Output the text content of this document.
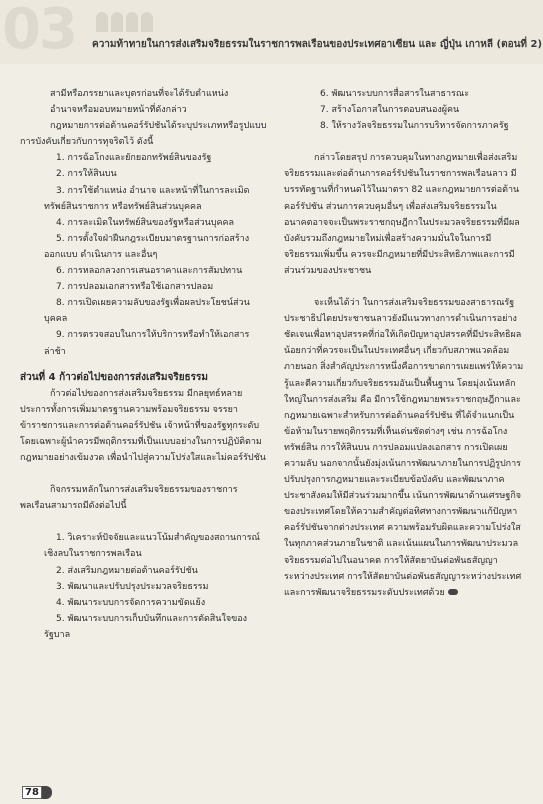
03 ความท้าทายในการส่งเสริมจริยธรรมในราชการพลเรือนของประเทศอาเซียน และ ญี่ปุ่น เกาหลี (ตอนที่ 2)

สามีหรือภรรยาและบุตรก่อนที่จะได้รับตำแหน่ง

อำนาจหรือมอบหมายหน้าที่ดังกล่าว

กฎหมายการต่อต้านคอร์รัปชันได้ระบุประเภทหรือรูปแบบการบังคับเกี่ยวกับการทุจริตไว้ ดังนี้

1. การฉ้อโกงและยักยอกทรัพย์สินของรัฐ

2. การให้สินบน

3. การใช้ตำแหน่ง อำนาจ และหน้าที่ในการละเมิดทรัพย์สินราชการ หรือทรัพย์สินส่วนบุคคล

4. การละเมิดในทรัพย์สินของรัฐหรือส่วนบุคคล

5. การตั้งใจฝ่าฝืนกฎระเบียบมาตรฐานการก่อสร้าง ออกแบบ ดำเนินการ และอื่นๆ

6. การหลอกลวงการเสนอราคาและการสัมปทาน

7. การปลอมเอกสารหรือใช้เอกสารปลอม

8. การเปิดเผยความลับของรัฐเพื่อผลประโยชน์ส่วนบุคคล

9. การตรวจสอบในการให้บริการหรือทำให้เอกสารล่าช้า

ส่วนที่ 4 ก้าวต่อไปของการส่งเสริมจริยธรรม

ก้าวต่อไปของการส่งเสริมจริยธรรม มีกลยุทธ์หลายประการทั้งการเพิ่มมาตรฐานความพร้อมจริยธรรม จรรยาข้าราชการและการต่อต้านคอร์รัปชัน เจ้าหน้าที่ของรัฐทุกระดับ โดยเฉพาะผู้นำควรมีพฤติกรรมที่เป็นแบบอย่างในการปฏิบัติตามกฎหมายอย่างเข้มงวด เพื่อนำไปสู่ความโปร่งใสและไม่คอร์รัปชัน

กิจกรรมหลักในการส่งเสริมจริยธรรมของราชการพลเรือนสามารถมีดังต่อไปนี้

1. วิเคราะห์ปัจจัยและแนวโน้มสำคัญของสถานการณ์เชิงลบในราชการพลเรือน

2. ส่งเสริมกฎหมายต่อต้านคอร์รัปชัน

3. พัฒนาและปรับปรุงประมวลจริยธรรม

4. พัฒนาระบบการจัดการความขัดแย้ง

5. พัฒนาระบบการเก็บบันทึกและการตัดสินใจของรัฐบาล

6. พัฒนาระบบการสื่อสารในสาธารณะ

7. สร้างโอกาสในการตอบสนองผู้คน

8. ให้รางวัลจริยธรรมในการบริหารจัดการภาครัฐ

กล่าวโดยสรุป การควบคุมในทางกฎหมายเพื่อส่งเสริมจริยธรรมและต่อต้านการคอร์รัปชันในราชการพลเรือนลาว มีบรรทัดฐานที่กำหนดไว้ในมาตรา 82 และกฎหมายการต่อต้านคอร์รัปชัน ส่วนการควบคุมอื่นๆ เพื่อส่งเสริมจริยธรรมในอนาคตอาจจะเป็นพระราชกฤษฎีกาในประมวลจริยธรรมที่มีผลบังคับรวมถึงกฎหมายใหม่เพื่อสร้างความมั่นใจในการมีจริยธรรมเพิ่มขึ้น ควรจะมีกฎหมายที่มีประสิทธิภาพและการมีส่วนร่วมของประชาชน

จะเห็นได้ว่า ในการส่งเสริมจริยธรรมของสาธารณรัฐประชาธิปไตยประชาชนลาวยังมีแนวทางการดำเนินการอย่างชัดเจนเพื่อหาอุปสรรคที่ก่อให้เกิดปัญหาอุปสรรคที่มีประสิทธิผลน้อยกว่าที่ควรจะเป็นในประเทศอื่นๆ เกี่ยวกับสภาพแวดล้อมภายนอก สิ่งสำคัญประการหนึ่งคือการขาดการเผยแพร่ให้ความรู้และตีความเกี่ยวกับจริยธรรมอันเป็นพื้นฐาน โดยมุ่งเน้นหลักใหญ่ในการส่งเสริม คือ มีการใช้กฎหมายพระราชกฤษฎีกาและกฎหมายเฉพาะสำหรับการต่อต้านคอร์รัปชัน ที่ได้จำแนกเป็นข้อห้ามในรายพฤติกรรมที่เห็นเด่นชัดต่างๆ เช่น การฉ้อโกงทรัพย์สิน การให้สินบน การปลอมแปลงเอกสาร การเปิดเผยความลับ นอกจากนั้นยังมุ่งเน้นการพัฒนาภายในการปฏิรูปการปรับปรุงการกฎหมายและระเบียบข้อบังคับ และพัฒนาภาคประชาสังคมให้มีส่วนร่วมมากขึ้น เน้นการพัฒนาด้านเศรษฐกิจของประเทศโดยให้ความสำคัญต่อทิศทางการพัฒนาแก้ปัญหาคอร์รัปชันจากต่างประเทศ ความพร้อมรับผิดและความโปร่งใสในทุกภาคส่วนภายในชาติ และเน้นแผนในการพัฒนาประมวลจริยธรรมต่อไปในอนาคต การให้สัตยาบันต่อพันธสัญญาระหว่างประเทศ การให้สัตยาบันต่อพันธสัญญาระหว่างประเทศ และการพัฒนาจริยธรรมระดับประเทศด้วย

78
